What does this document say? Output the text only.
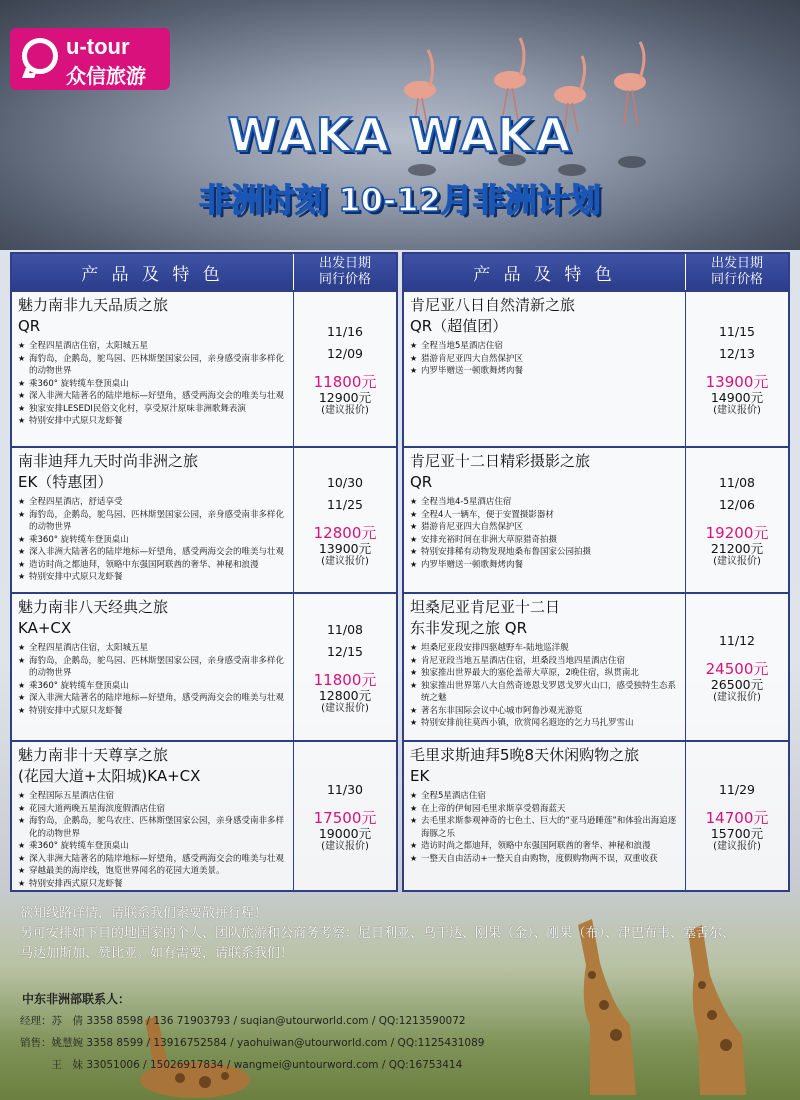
u-tour
众信旅游
WAKA WAKA
非洲时刻 10-12月非洲计划
产 品 及 特 色
出发日期
同行价格
魅力南非九天品质之旅
QR
★ 全程四星酒店住宿，太阳城五星
★ 海豹岛，企鹅岛，鸵鸟园、匹林斯堡国家公园，亲身感受南非多样化的动物世界
★ 乘360° 旋转缆车登顶桌山
★ 深入非洲大陆著名的陆岸地标—好望角，感受两海交会的唯美与壮观
★ 独家安排LESEDI民俗文化村，享受原汁原味非洲歌舞表演
★ 特别安排中式原只龙虾餐
11/16
12/09
11800元
12900元
(建议报价)
南非迪拜九天时尚非洲之旅
EK（特惠团）
★ 全程四星酒店，舒适享受
★ 海豹岛，企鹅岛，鸵鸟园、匹林斯堡国家公园，亲身感受南非多样化的动物世界
★ 乘360° 旋转缆车登顶桌山
★ 深入非洲大陆著名的陆岸地标—好望角，感受两海交会的唯美与壮观
★ 造访时尚之都迪拜，领略中东强国阿联酋的奢华、神秘和浪漫
★ 特别安排中式原只龙虾餐
10/30
11/25
12800元
13900元
(建议报价)
魅力南非八天经典之旅
KA+CX
★ 全程四星酒店住宿，太阳城五星
★ 海豹岛，企鹅岛，鸵鸟园、匹林斯堡国家公园，亲身感受南非多样化的动物世界
★ 乘360° 旋转缆车登顶桌山
★ 深入非洲大陆著名的陆岸地标—好望角，感受两海交会的唯美与壮观
★ 特别安排中式原只龙虾餐
11/08
12/15
11800元
12800元
(建议报价)
魅力南非十天尊享之旅
(花园大道+太阳城)KA+CX
★ 全程国际五星酒店住宿
★ 花园大道两晚五星海滨度假酒店住宿
★ 海豹岛，企鹅岛，鸵鸟农庄、匹林斯堡国家公园，亲身感受南非多样化的动物世界
★ 乘360° 旋转缆车登顶桌山
★ 深入非洲大陆著名的陆岸地标—好望角，感受两海交会的唯美与壮观
★ 穿越最美的海岸线，饱览世界闻名的花园大道美景。
★ 特别安排西式原只龙虾餐
11/30
17500元
19000元
(建议报价)
产 品 及 特 色
出发日期
同行价格
肯尼亚八日自然清新之旅
QR（超值团）
★ 全程当地5星酒店住宿
★ 猎游肯尼亚四大自然保护区
★ 内罗毕赠送一顿歌舞烤肉餐
11/15
12/13
13900元
14900元
(建议报价)
肯尼亚十二日精彩摄影之旅
QR
★ 全程当地4-5星酒店住宿
★ 全程4人一辆车，便于安置摄影器材
★ 猎游肯尼亚四大自然保护区
★ 安排充裕时间在非洲大草原猎奇拍摄
★ 特别安排稀有动物发现地桑布鲁国家公园拍摄
★ 内罗毕赠送一顿歌舞烤肉餐
11/08
12/06
19200元
21200元
(建议报价)
坦桑尼亚肯尼亚十二日
东非发现之旅 QR
★ 坦桑尼亚段安排四驱越野车-陆地巡洋舰
★ 肯尼亚段当地五星酒店住宿，坦桑段当地四星酒店住宿
★ 独家推出世界最大的塞伦盖蒂大草原，2晚住宿，纵贯南北
★ 独家推出世界第八大自然奇迹恩戈罗恩戈罗火山口，感受独特生态系统之魅
★ 著名东非国际会议中心城市阿鲁沙观光游览
★ 特别安排前往莫西小镇，欣赏闻名遐迩的乞力马扎罗雪山
11/12
24500元
26500元
(建议报价)
毛里求斯迪拜5晚8天休闲购物之旅
EK
★ 全程5星酒店住宿
★ 在上帝的伊甸园毛里求斯享受碧海蓝天
★ 去毛里求斯参观神奇的七色土、巨大的“亚马逊睡莲”和体验出海追逐海豚之乐
★ 造访时尚之都迪拜，领略中东强国阿联酋的奢华、神秘和浪漫
★ 一整天自由活动+一整天自由购物，度假购物两不误，双重收获
11/29
14700元
15700元
(建议报价)
欲知线路详情，请联系我们索要散拼行程！
另可安排如下目的地国家的个人、团队旅游和公商务考察：尼日利亚、乌干达、刚果（金）、刚果（布）、津巴布韦、塞舌尔、
马达加斯加、赞比亚。如有需要，请联系我们！
中东非洲部联系人：
经理：苏　倩 3358 8598 / 136 71903793 / suqian@utourworld.com / QQ:1213590072
销售：姚慧婉 3358 8599 / 13916752584 / yaohuiwan@utourworld.com / QQ:1125431089
　　　王　妹 33051006 / 15026917834 / wangmei@untourword.com / QQ:16753414
